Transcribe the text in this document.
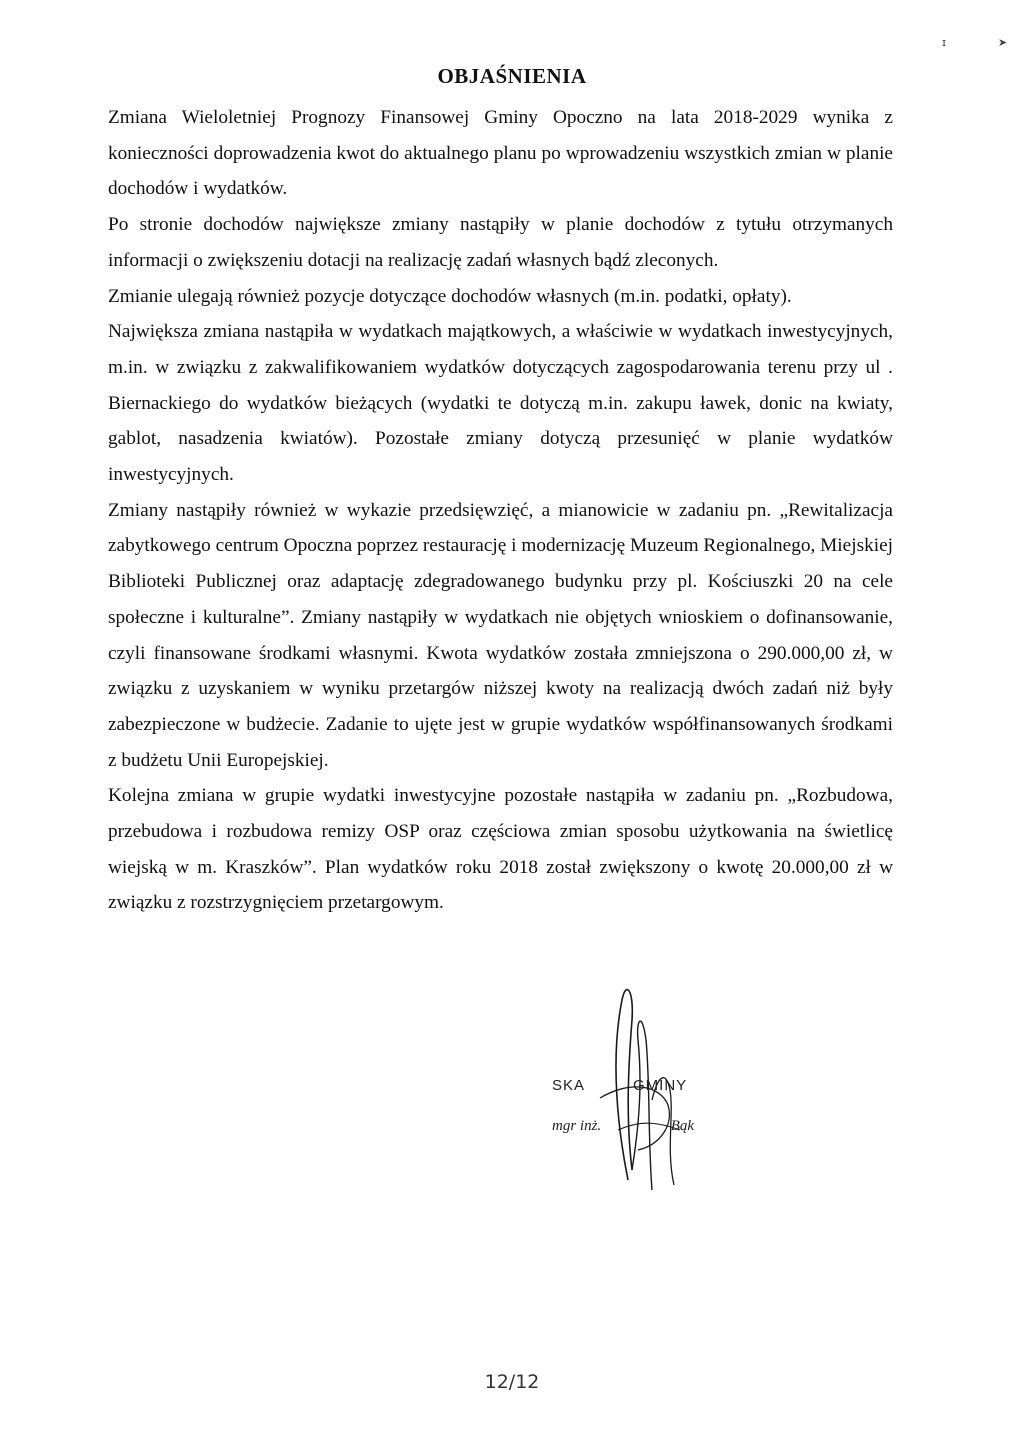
ɪ	➤
OBJAŚNIENIA

Zmiana Wieloletniej Prognozy Finansowej Gminy Opoczno na lata 2018-2029 wynika z konieczności doprowadzenia kwot do aktualnego planu po wprowadzeniu wszystkich zmian w planie dochodów i wydatków.

Po stronie dochodów największe zmiany nastąpiły w planie dochodów z tytułu otrzymanych informacji o zwiększeniu dotacji na realizację zadań własnych bądź zleconych.

Zmianie ulegają również pozycje dotyczące dochodów własnych (m.in. podatki, opłaty).

Największa zmiana nastąpiła w wydatkach majątkowych, a właściwie w wydatkach inwestycyjnych, m.in. w związku z zakwalifikowaniem wydatków dotyczących zagospodarowania terenu przy ul . Biernackiego do wydatków bieżących (wydatki te dotyczą m.in. zakupu ławek, donic na kwiaty, gablot, nasadzenia kwiatów). Pozostałe zmiany dotyczą przesunięć w planie wydatków inwestycyjnych.

Zmiany nastąpiły również w wykazie przedsięwzięć, a mianowicie w zadaniu pn. „Rewitalizacja zabytkowego centrum Opoczna poprzez restaurację i modernizację Muzeum Regionalnego, Miejskiej Biblioteki Publicznej oraz adaptację zdegradowanego budynku przy pl. Kościuszki 20 na cele społeczne i kulturalne”. Zmiany nastąpiły w wydatkach nie objętych wnioskiem o dofinansowanie, czyli finansowane środkami własnymi. Kwota wydatków została zmniejszona o 290.000,00 zł, w związku z uzyskaniem w wyniku przetargów niższej kwoty na realizacją dwóch zadań niż były zabezpieczone w budżecie. Zadanie to ujęte jest w grupie wydatków współfinansowanych środkami z budżetu Unii Europejskiej.

Kolejna zmiana w grupie wydatki inwestycyjne pozostałe nastąpiła w zadaniu pn. „Rozbudowa, przebudowa i rozbudowa remizy OSP oraz częściowa zmian sposobu użytkowania na świetlicę wiejską w m. Kraszków”. Plan wydatków roku 2018 został zwiększony o kwotę 20.000,00 zł w związku z rozstrzygnięciem przetargowym.

SKA	GMINY
mgr inż.	Bąk
12/12
